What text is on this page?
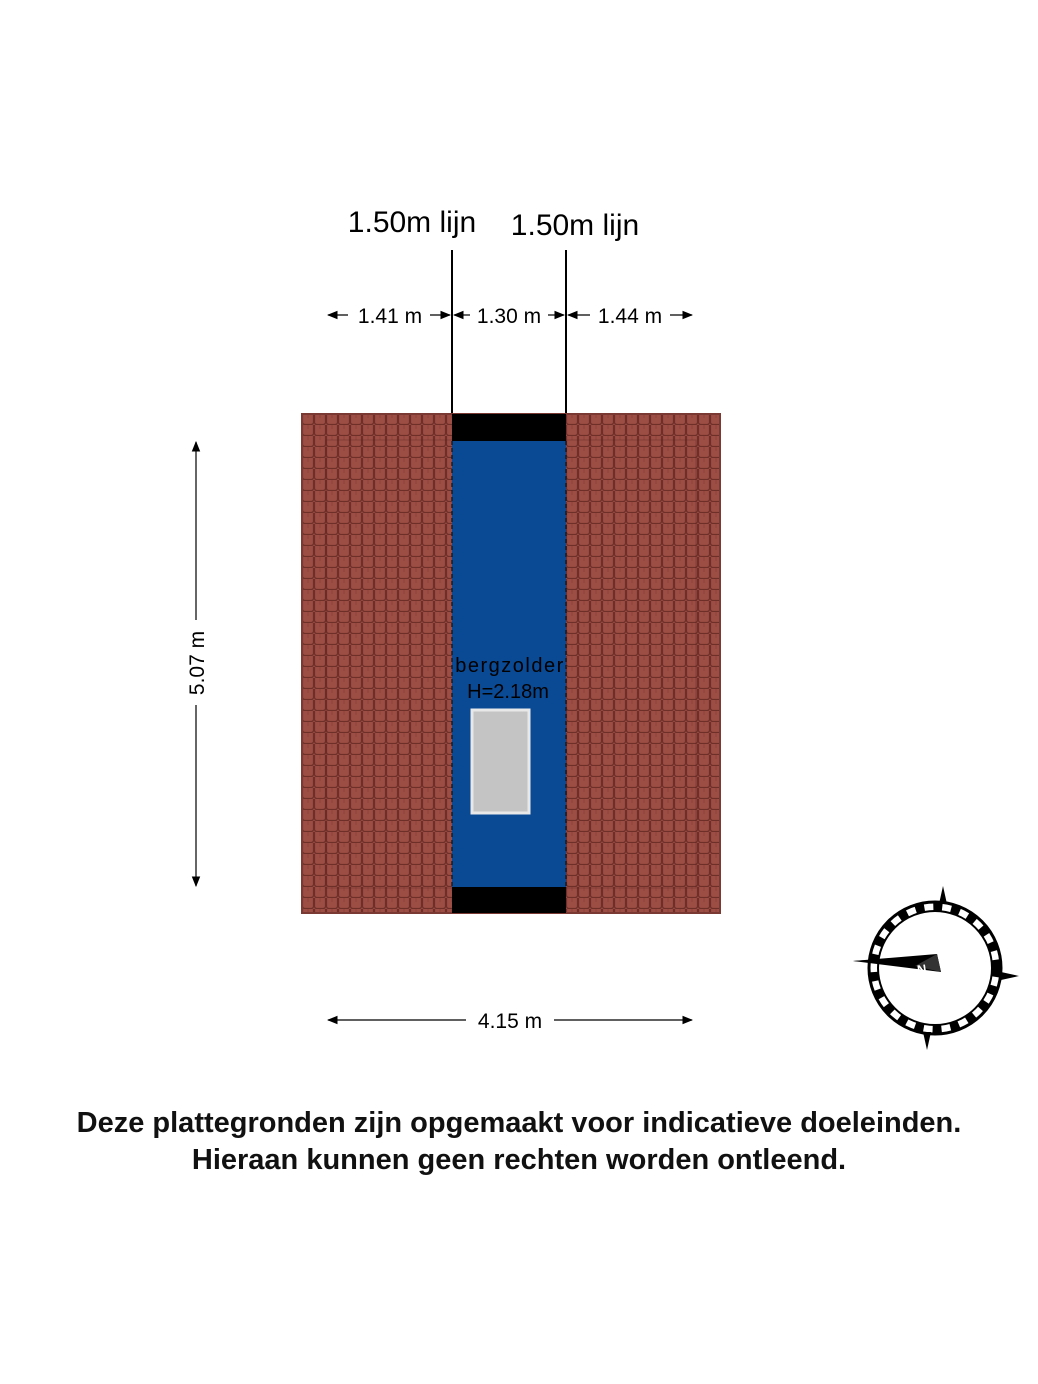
1.50m lijn 1.50m lijn
1.41 m	1.30 m	1.44 m
bergzolder
H=2.18m
5.07 m
4.15 m
N
Deze plattegronden zijn opgemaakt voor indicatieve doeleinden.
Hieraan kunnen geen rechten worden ontleend.
